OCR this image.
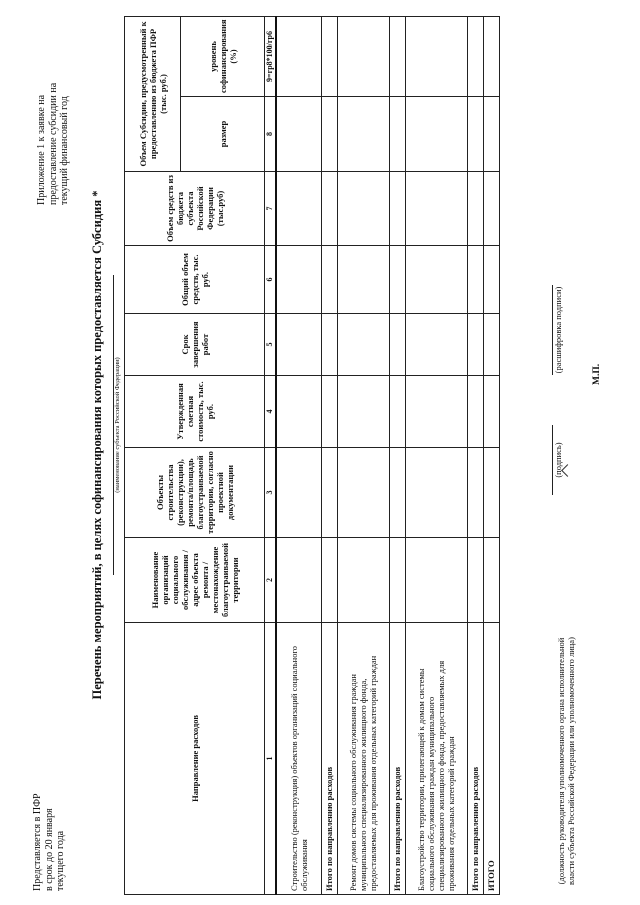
Представляется в ПФР в срок до 20 января текущего года
Приложение 1 к заявке на предоставление субсидии на текущий финансовый год
Перечень мероприятий, в целях софинансирования которых предоставляется Субсидия * (наименование субъекта Российской Федерации)
Направление расходов	Наименование организаций социального обслуживания /адрес объекта ремонта / местонахождение благоустраиваемой территории	Объекты строительства (реконструкции), ремонта/площадь благоустраиваемой территории, согласно проектной документации	Утвержденная сметная стоимость, тыс. руб.	Срок завершения работ	Общий объем средств, тыс. руб.	Объем средств из бюджета субъекта Российской Федерации (тыс.руб)	Объем Субсидии, предусмотренный к предоставлению из бюджета ПФР (тыс. руб.)	
							размер	уровень софинансирования (%)
1	2	3	4	5	6	7	8	9=гр8*100/гр6
Строительство (реконструкция) объектов организаций социального обслуживания								
Итого по направлению расходов								
Ремонт домов системы социального обслуживания граждан муниципального специализированного жилищного фонда, предоставляемых для проживания отдельных категорий граждан								
Итого по направлению расходов								
Благоустройство территории, прилегающей к домам системы социального обслуживания граждан муниципального специализированного жилищного фонда, предоставляемых для проживания отдельных категорий граждан								
Итого по направлению расходов								
ИТОГО									(должность руководителя уполномоченного органа исполнительной власти субъекта Российской Федерации или уполномоченного лица)
(подпись)
(расшифровка подписи)
М.П.
